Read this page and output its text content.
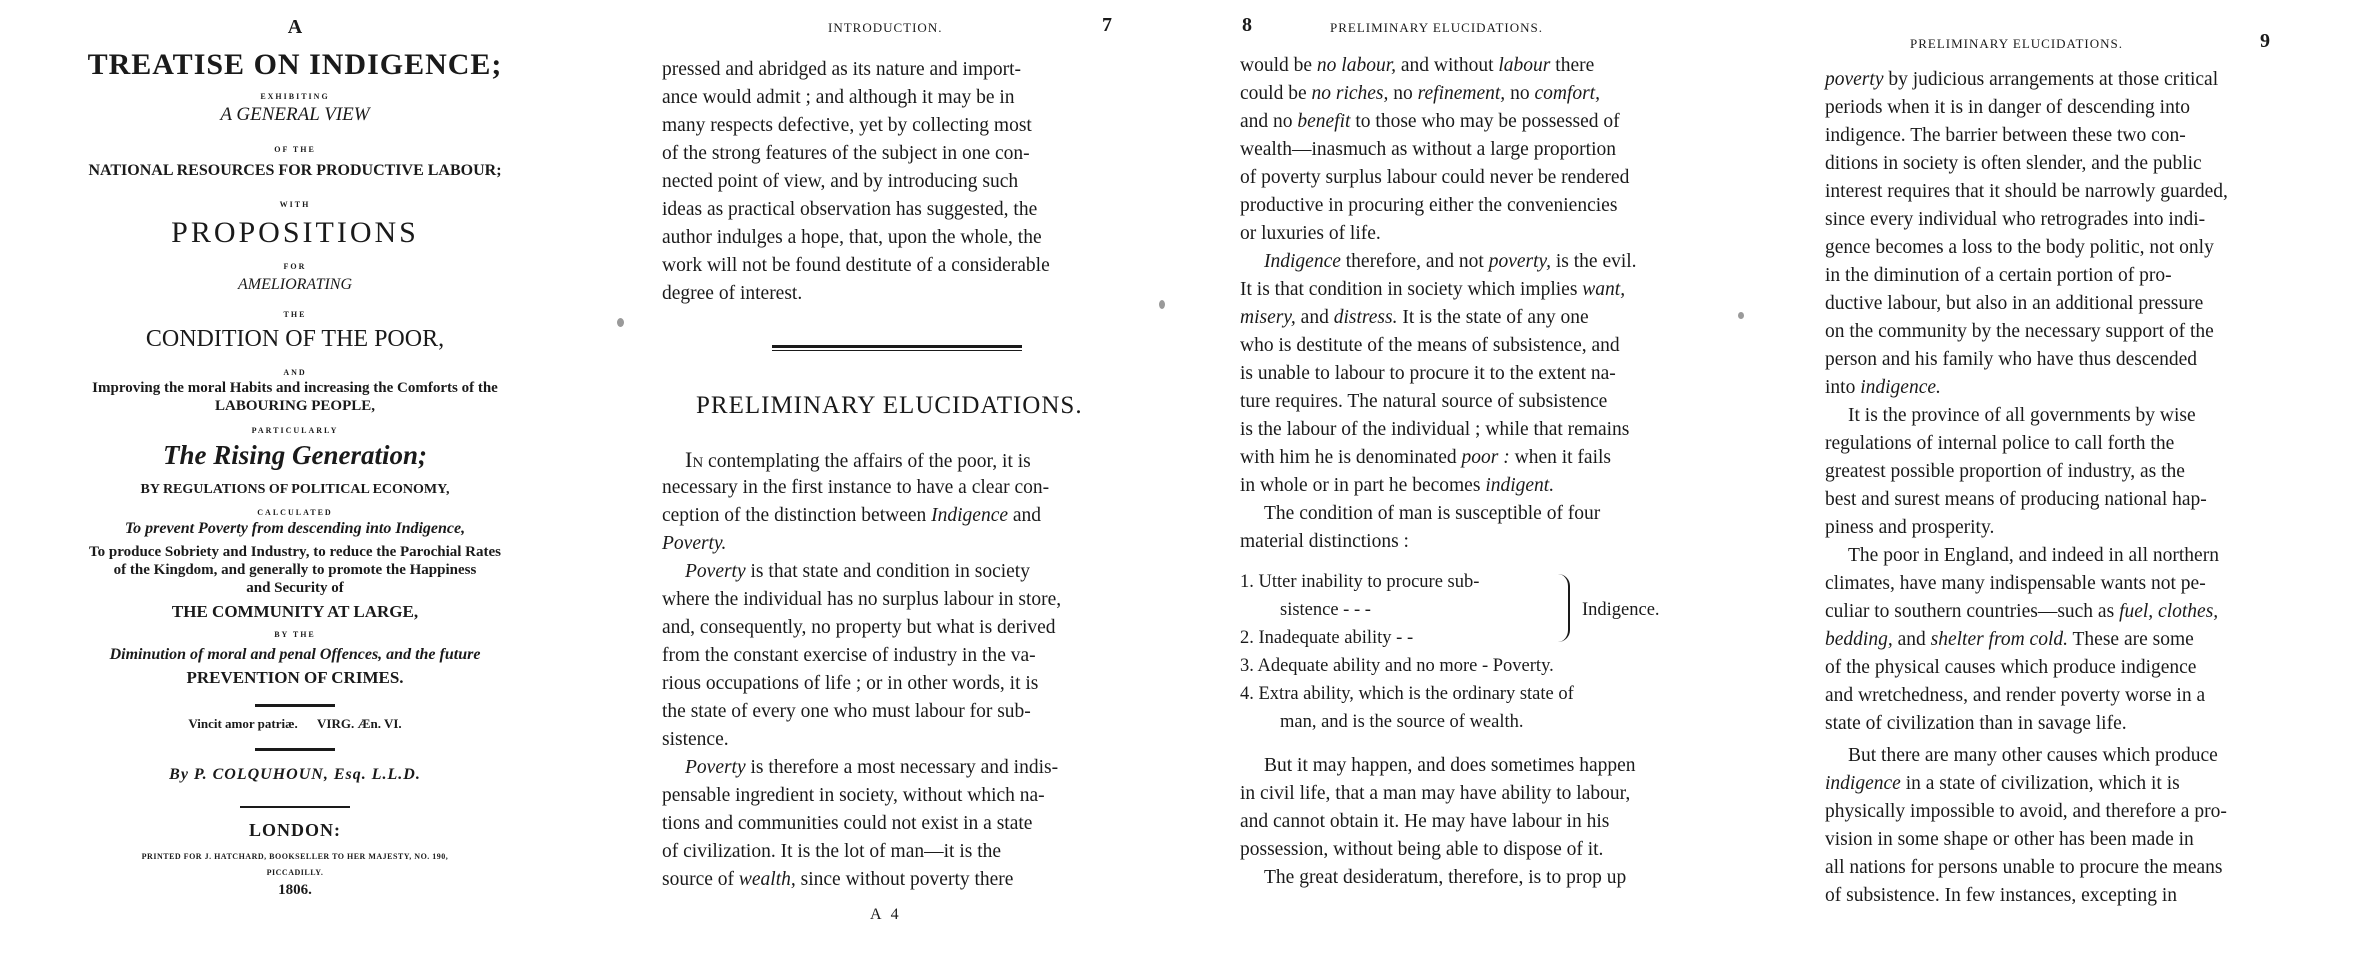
A
TREATISE ON INDIGENCE;
EXHIBITING
A GENERAL VIEW
OF THE
NATIONAL RESOURCES FOR PRODUCTIVE LABOUR;
WITH
PROPOSITIONS
FOR
AMELIORATING
THE
CONDITION OF THE POOR,
AND
Improving the moral Habits and increasing the Comforts of the
LABOURING PEOPLE,
PARTICULARLY
The Rising Generation;
BY REGULATIONS OF POLITICAL ECONOMY,
CALCULATED
To prevent Poverty from descending into Indigence,
To produce Sobriety and Industry, to reduce the Parochial Rates
of the Kingdom, and generally to promote the Happiness
and Security of
THE COMMUNITY AT LARGE,
BY THE
Diminution of moral and penal Offences, and the future
PREVENTION OF CRIMES.
Vincit amor patriæ. VIRG. Æn. VI.
By P. COLQUHOUN, Esq. L.L.D.
LONDON:
PRINTED FOR J. HATCHARD, BOOKSELLER TO HER MAJESTY, NO. 190,
PICCADILLY.
1806.
INTRODUCTION.	7
pressed and abridged as its nature and import-
ance would admit ; and although it may be in
many respects defective, yet by collecting most
of the strong features of the subject in one con-
nected point of view, and by introducing such
ideas as practical observation has suggested, the
author indulges a hope, that, upon the whole, the
work will not be found destitute of a considerable
degree of interest.
PRELIMINARY ELUCIDATIONS.
In contemplating the affairs of the poor, it is
necessary in the first instance to have a clear con-
ception of the distinction between Indigence and
Poverty.
Poverty is that state and condition in society
where the individual has no surplus labour in store,
and, consequently, no property but what is derived
from the constant exercise of industry in the va-
rious occupations of life ; or in other words, it is
the state of every one who must labour for sub-
sistence.
Poverty is therefore a most necessary and indis-
pensable ingredient in society, without which na-
tions and communities could not exist in a state
of civilization. It is the lot of man—it is the
source of wealth, since without poverty there
A 4
8	PRELIMINARY ELUCIDATIONS.
would be no labour, and without labour there
could be no riches, no refinement, no comfort,
and no benefit to those who may be possessed of
wealth—inasmuch as without a large proportion
of poverty surplus labour could never be rendered
productive in procuring either the conveniencies
or luxuries of life.
Indigence therefore, and not poverty, is the evil.
It is that condition in society which implies want,
misery, and distress. It is the state of any one
who is destitute of the means of subsistence, and
is unable to labour to procure it to the extent na-
ture requires. The natural source of subsistence
is the labour of the individual ; while that remains
with him he is denominated poor : when it fails
in whole or in part he becomes indigent.
The condition of man is susceptible of four
material distinctions :
1. Utter inability to procure sub-
sistence - - -
2. Inadequate ability - -
Indigence.
3. Adequate ability and no more - Poverty.
4. Extra ability, which is the ordinary state of
man, and is the source of wealth.
But it may happen, and does sometimes happen
in civil life, that a man may have ability to labour,
and cannot obtain it. He may have labour in his
possession, without being able to dispose of it.
The great desideratum, therefore, is to prop up
PRELIMINARY ELUCIDATIONS.	9
poverty by judicious arrangements at those critical
periods when it is in danger of descending into
indigence. The barrier between these two con-
ditions in society is often slender, and the public
interest requires that it should be narrowly guarded,
since every individual who retrogrades into indi-
gence becomes a loss to the body politic, not only
in the diminution of a certain portion of pro-
ductive labour, but also in an additional pressure
on the community by the necessary support of the
person and his family who have thus descended
into indigence.
It is the province of all governments by wise
regulations of internal police to call forth the
greatest possible proportion of industry, as the
best and surest means of producing national hap-
piness and prosperity.
The poor in England, and indeed in all northern
climates, have many indispensable wants not pe-
culiar to southern countries—such as fuel, clothes,
bedding, and shelter from cold. These are some
of the physical causes which produce indigence
and wretchedness, and render poverty worse in a
state of civilization than in savage life.
But there are many other causes which produce
indigence in a state of civilization, which it is
physically impossible to avoid, and therefore a pro-
vision in some shape or other has been made in
all nations for persons unable to procure the means
of subsistence. In few instances, excepting in
